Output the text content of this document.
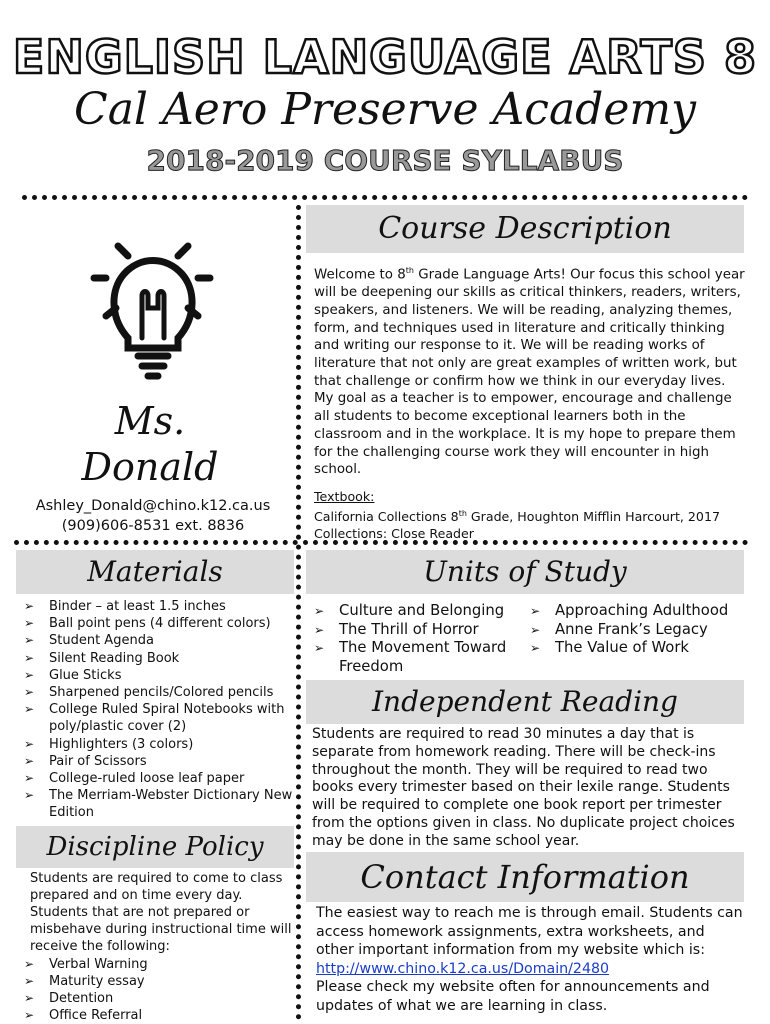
ENGLISH LANGUAGE ARTS 8
Cal Aero Preserve Academy
2018-2019 COURSE SYLLABUS
Ms.
Donald
Ashley_Donald@chino.k12.ca.us
(909)606-8531 ext. 8836
Course Description
Welcome to 8th Grade Language Arts! Our focus this school year will be deepening our skills as critical thinkers, readers, writers, speakers, and listeners. We will be reading, analyzing themes, form, and techniques used in literature and critically thinking and writing our response to it. We will be reading works of literature that not only are great examples of written work, but that challenge or confirm how we think in our everyday lives. My goal as a teacher is to empower, encourage and challenge all students to become exceptional learners both in the classroom and in the workplace. It is my hope to prepare them for the challenging course work they will encounter in high school.
Textbook:
California Collections 8th Grade, Houghton Mifflin Harcourt, 2017
Collections: Close Reader
Materials
➢ Binder – at least 1.5 inches
➢ Ball point pens (4 different colors)
➢ Student Agenda
➢ Silent Reading Book
➢ Glue Sticks
➢ Sharpened pencils/Colored pencils
➢ College Ruled Spiral Notebooks with poly/plastic cover (2)
➢ Highlighters (3 colors)
➢ Pair of Scissors
➢ College-ruled loose leaf paper
➢ The Merriam-Webster Dictionary New Edition
Units of Study
➢ Culture and Belonging
➢ The Thrill of Horror
➢ The Movement Toward Freedom
➢ Approaching Adulthood
➢ Anne Frank’s Legacy
➢ The Value of Work
Independent Reading
Students are required to read 30 minutes a day that is separate from homework reading. There will be check-ins throughout the month. They will be required to read two books every trimester based on their lexile range. Students will be required to complete one book report per trimester from the options given in class. No duplicate project choices may be done in the same school year.
Discipline Policy
Students are required to come to class prepared and on time every day. Students that are not prepared or misbehave during instructional time will receive the following:
➢ Verbal Warning
➢ Maturity essay
➢ Detention
➢ Office Referral
Contact Information
The easiest way to reach me is through email. Students can access homework assignments, extra worksheets, and other important information from my website which is: http://www.chino.k12.ca.us/Domain/2480
Please check my website often for announcements and updates of what we are learning in class.
